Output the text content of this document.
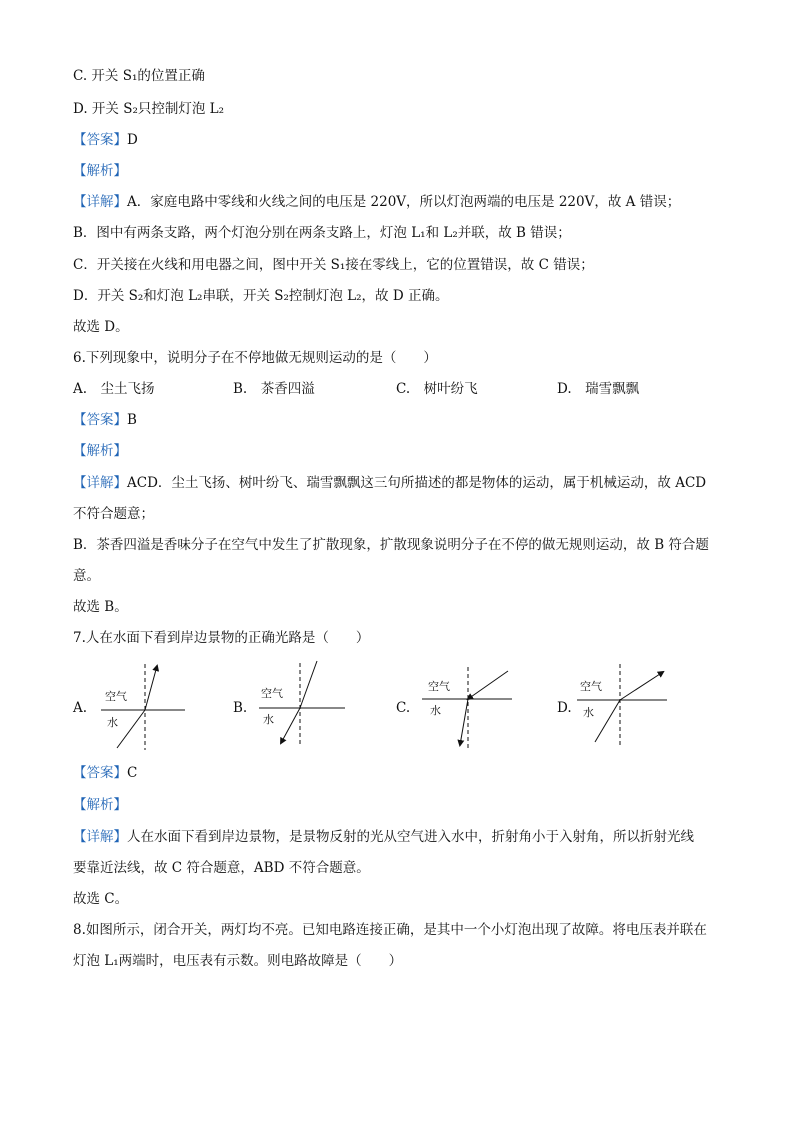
C. 开关 S₁的位置正确
D. 开关 S₂只控制灯泡 L₂
【答案】D
【解析】
【详解】A．家庭电路中零线和火线之间的电压是 220V，所以灯泡两端的电压是 220V，故 A 错误；
B．图中有两条支路，两个灯泡分别在两条支路上，灯泡 L₁和 L₂并联，故 B 错误；
C．开关接在火线和用电器之间，图中开关 S₁接在零线上，它的位置错误，故 C 错误；
D．开关 S₂和灯泡 L₂串联，开关 S₂控制灯泡 L₂，故 D 正确。
故选 D。
6.下列现象中，说明分子在不停地做无规则运动的是（　　）
A.　尘土飞扬	B.　茶香四溢	C.　树叶纷飞	D.　瑞雪飘飘
【答案】B
【解析】
【详解】ACD．尘土飞扬、树叶纷飞、瑞雪飘飘这三句所描述的都是物体的运动，属于机械运动，故 ACD
不符合题意；
B．茶香四溢是香味分子在空气中发生了扩散现象，扩散现象说明分子在不停的做无规则运动，故 B 符合题
意。
故选 B。
7.人在水面下看到岸边景物的正确光路是（　　）
A.
空气
水
B.
空气
水
C.
空气
水	D.
空气
水
【答案】C
【解析】
【详解】人在水面下看到岸边景物，是景物反射的光从空气进入水中，折射角小于入射角，所以折射光线
要靠近法线，故 C 符合题意，ABD 不符合题意。
故选 C。
8.如图所示，闭合开关，两灯均不亮。已知电路连接正确，是其中一个小灯泡出现了故障。将电压表并联在
灯泡 L₁两端时，电压表有示数。则电路故障是（　　）
